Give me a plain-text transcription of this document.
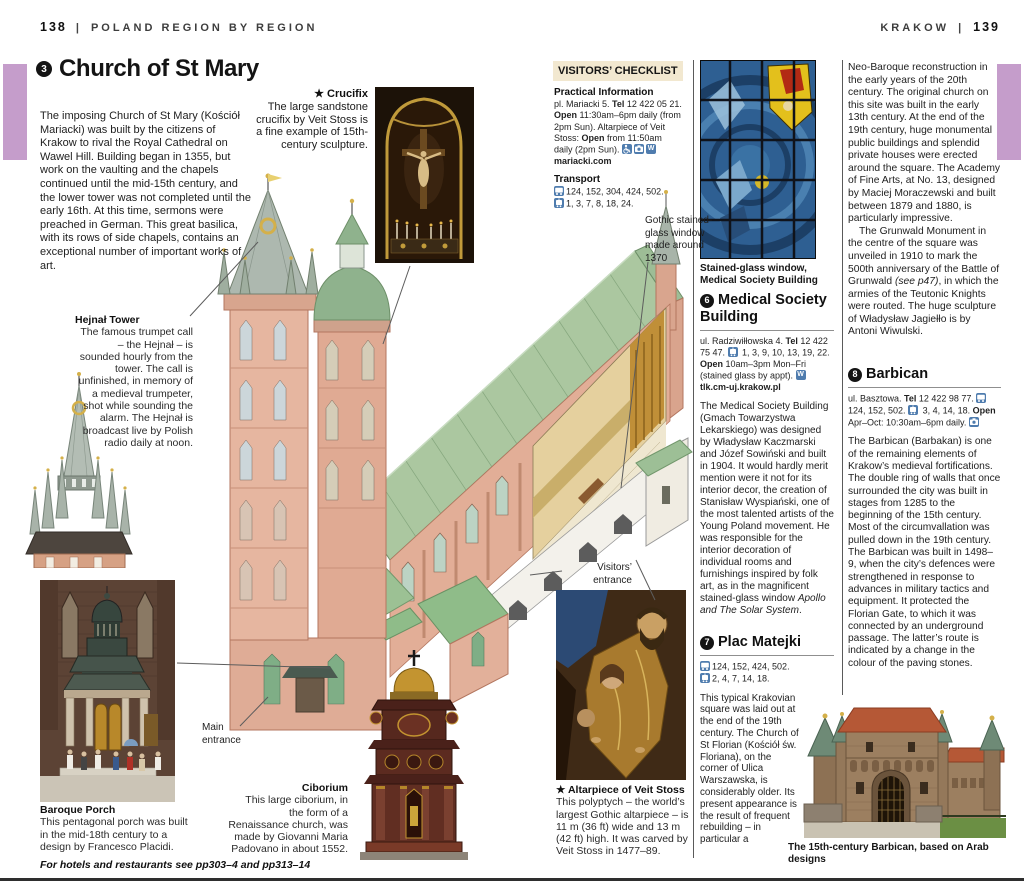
138 | POLAND REGION BY REGION	KRAKOW | 139
3 Church of St Mary
The imposing Church of St Mary (Kościół Mariacki) was built by the citizens of Krakow to rival the Royal Cathedral on Wawel Hill. Building began in 1355, but work on the vaulting and the chapels continued until the mid-15th century, and the lower tower was not completed until the early 16th. At this time, sermons were preached in German. This great basilica, with its rows of side chapels, contains an exceptional number of important works of art.
★ Crucifix
The large sandstone crucifix by Veit Stoss is a fine example of 15th-century sculpture.
VISITORS’ CHECKLIST
Practical Information
pl. Mariacki 5. Tel 12 422 05 21. Open 11:30am–6pm daily (from 2pm Sun). Altarpiece of Veit Stoss: Open from 11:50am daily (2pm Sun).	Wmariacki.com
Transport
124, 152, 304, 424, 502.
1, 3, 7, 8, 18, 24.
Stained-glass window, Medical Society Building
6 Medical Society Building
ul. Radziwiłłowska 4. Tel 12 422 75 47.
1, 3, 9, 10, 13, 19, 22. Open 10am–3pm Mon–Fri (stained glass by appt). Wtlk.cm-uj.krakow.pl
The Medical Society Building (Gmach Towarzystwa Lekarskiego) was designed by Władysław Kaczmarski and Józef Sowiński and built in 1904. It would hardly merit mention were it not for its interior decor, the creation of Stanisław Wyspiański, one of the most talented artists of the Young Poland movement. He was responsible for the interior decoration of individual rooms and furnishings inspired by folk art, as in the magnificent stained-glass window Apollo and The Solar System.
7 Plac Matejki
124, 152, 424, 502.
2, 4, 7, 14, 18.
This typical Krakovian square was laid out at the end of the 19th century. The Church of St Florian (Kościół św. Floriana), on the corner of Ulica Warszawska, is considerably older. Its present appearance is the result of frequent rebuilding – in particular a
Neo-Baroque reconstruction in the early years of the 20th century. The original church on this site was built in the early 13th century. At the end of the 19th century, huge monumental public buildings and splendid private houses were erected around the square. The Academy of Fine Arts, at No. 13, designed by Maciej Moraczewski and built between 1879 and 1880, is particularly impressive.
The Grunwald Monument in the centre of the square was unveiled in 1910 to mark the 500th anniversary of the Battle of Grunwald (see p47), in which the armies of the Teutonic Knights were routed. The huge sculpture of Władysław Jagiełło is by Antoni Wiwulski.
8 Barbican
ul. Basztowa. Tel 12 422 98 77.
124, 152, 502.
3, 4, 14, 18. Open Apr–Oct: 10:30am–6pm daily.
The Barbican (Barbakan) is one of the remaining elements of Krakow’s medieval fortifications. The double ring of walls that once surrounded the city was built in stages from 1285 to the beginning of the 15th century. Most of the circumvallation was pulled down in the 19th century. The Barbican was built in 1498–9, when the city’s defences were strengthened in response to advances in military tactics and equipment. It protected the Florian Gate, to which it was connected by an underground passage. The latter’s route is indicated by a change in the colour of the paving stones.
Hejnał Tower
The famous trumpet call – the Hejnał – is sounded hourly from the tower. The call is unfinished, in memory of a medieval trumpeter, shot while sounding the alarm. The Hejnał is broadcast live by Polish radio daily at noon.
Gothic stained-glass window made around 1370
Visitors’ entrance
Main entrance
Baroque Porch
This pentagonal porch was built in the mid-18th century to a design by Francesco Placidi.
Ciborium
This large ciborium, in the form of a Renaissance church, was made by Giovanni Maria Padovano in about 1552.
★ Altarpiece of Veit Stoss
This polyptych – the world’s largest Gothic altarpiece – is 11 m (36 ft) wide and 13 m (42 ft) high. It was carved by Veit Stoss in 1477–89.	The 15th-century Barbican, based on Arab designs
For hotels and restaurants see pp303–4 and pp313–14
